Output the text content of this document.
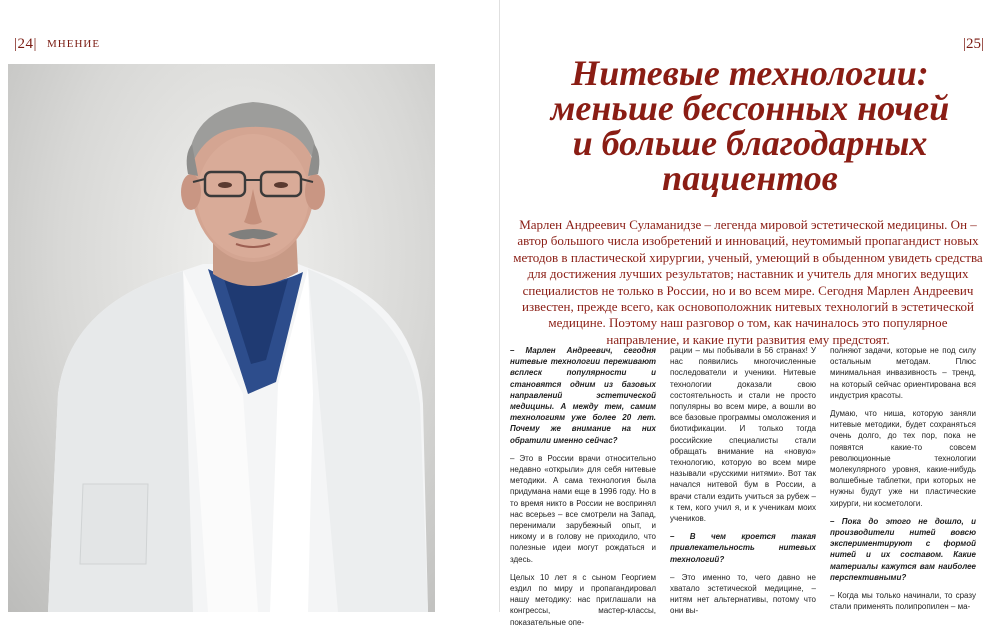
|24| МНЕНИЕ	|25|
Нитевые технологии:
меньше бессонных ночей
и больше благодарных
пациентов

Марлен Андреевич Суламанидзе – легенда мировой эстетической медицины. Он – автор большого числа изобретений и инноваций, неутомимый пропагандист новых методов в пластической хирургии, ученый, умеющий в обыденном увидеть средства для достижения лучших результатов; наставник и учитель для многих ведущих специалистов не только в России, но и во всем мире. Сегодня Марлен Андреевич известен, прежде всего, как основоположник нитевых технологий в эстетической медицине. Поэтому наш разговор о том, как начиналось это популярное направление, и какие пути развития ему предстоят.

– Марлен Андреевич, сегодня нитевые технологии переживают всплеск популярности и становятся одним из базовых направлений эстетической медицины. А между тем, самим технологиям уже более 20 лет. Почему же внимание на них обратили именно сейчас?

– Это в России врачи относительно недавно «открыли» для себя нитевые методики. А сама технология была придумана нами еще в 1996 году. Но в то время никто в России не воспринял нас всерьез – все смотрели на Запад, перенимали зарубежный опыт, и никому и в голову не приходило, что полезные идеи могут рождаться и здесь.

Целых 10 лет я с сыном Георгием ездил по миру и пропагандировал нашу методику: нас приглашали на конгрессы, мастер-классы, показательные опе-

рации – мы побывали в 56 странах! У нас появились многочисленные последователи и ученики. Нитевые технологии доказали свою состоятельность и стали не просто популярны во всем мире, а вошли во все базовые программы омоложения и биотификации. И только тогда российские специалисты стали обращать внимание на «новую» технологию, которую во всем мире называли «русскими нитями». Вот так начался нитевой бум в России, а врачи стали ездить учиться за рубеж – к тем, кого учил я, и к ученикам моих учеников.

– В чем кроется такая привлекательность нитевых технологий?

– Это именно то, чего давно не хватало эстетической медицине, – нитям нет альтернативы, потому что они вы-

полняют задачи, которые не под силу остальным методам. Плюс минимальная инвазивность – тренд, на который сейчас ориентирована вся индустрия красоты.

Думаю, что ниша, которую заняли нитевые методики, будет сохраняться очень долго, до тех пор, пока не появятся какие-то совсем революционные технологии молекулярного уровня, какие-нибудь волшебные таблетки, при которых не нужны будут уже ни пластические хирурги, ни косметологи.

– Пока до этого не дошло, и производители нитей вовсю экспериментируют с формой нитей и их составом. Какие материалы кажутся вам наиболее перспективными?

– Когда мы только начинали, то сразу стали применять полипропилен – ма-
